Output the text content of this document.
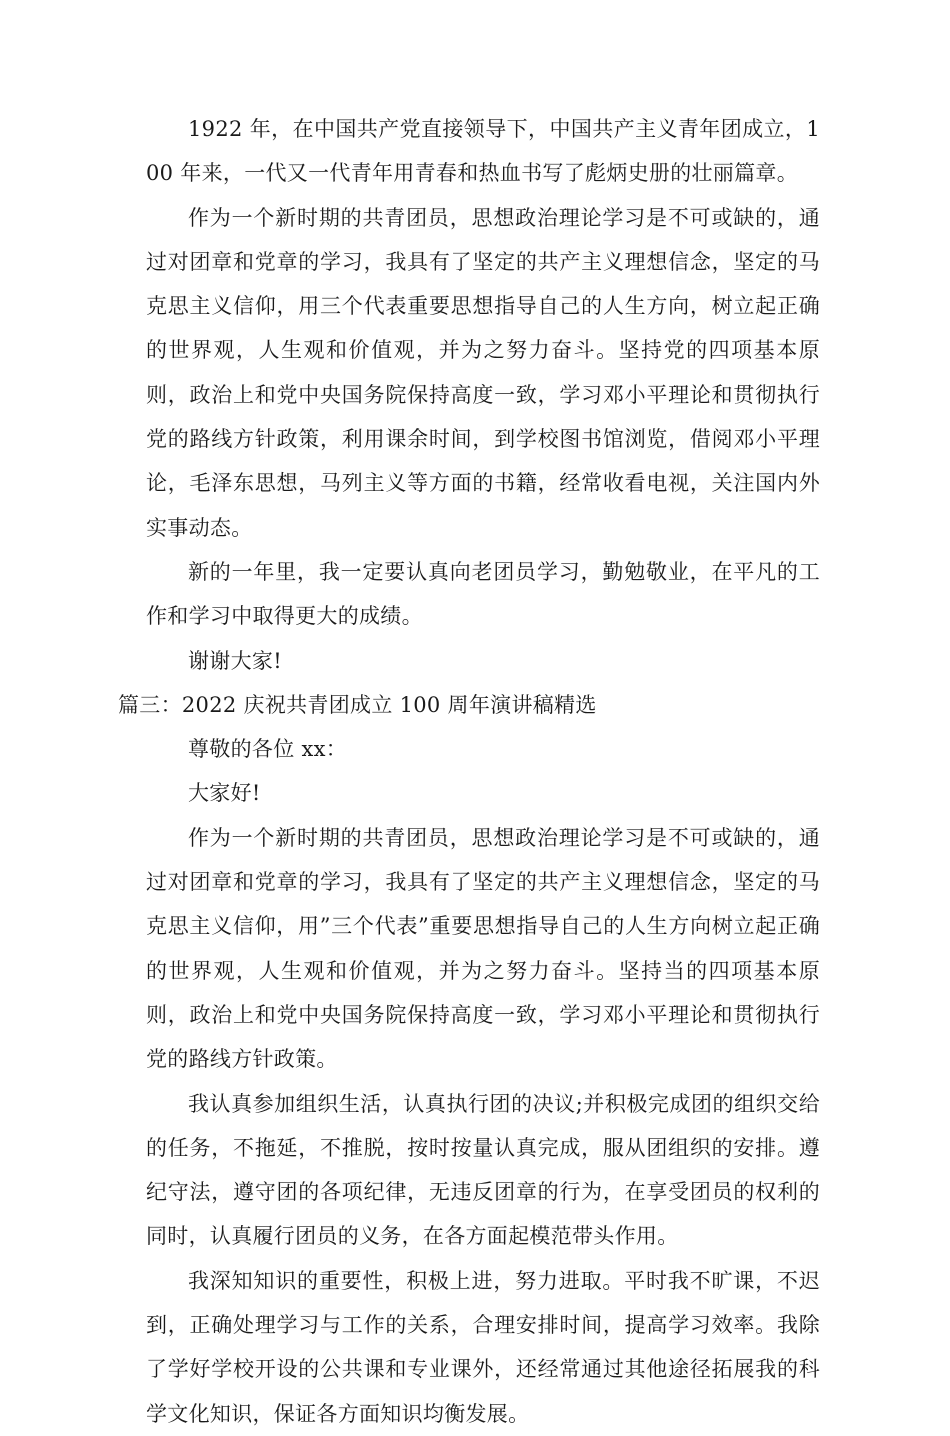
1922 年，在中国共产党直接领导下，中国共产主义青年团成立，100 年来，一代又一代青年用青春和热血书写了彪炳史册的壮丽篇章。

作为一个新时期的共青团员，思想政治理论学习是不可或缺的，通过对团章和党章的学习，我具有了坚定的共产主义理想信念，坚定的马克思主义信仰，用三个代表重要思想指导自己的人生方向，树立起正确的世界观，人生观和价值观，并为之努力奋斗。坚持党的四项基本原则，政治上和党中央国务院保持高度一致，学习邓小平理论和贯彻执行党的路线方针政策，利用课余时间，到学校图书馆浏览，借阅邓小平理论，毛泽东思想，马列主义等方面的书籍，经常收看电视，关注国内外实事动态。

新的一年里，我一定要认真向老团员学习，勤勉敬业，在平凡的工作和学习中取得更大的成绩。

谢谢大家!

篇三：2022 庆祝共青团成立 100 周年演讲稿精选

尊敬的各位 xx：

大家好!

作为一个新时期的共青团员，思想政治理论学习是不可或缺的，通过对团章和党章的学习，我具有了坚定的共产主义理想信念，坚定的马克思主义信仰，用”三个代表”重要思想指导自己的人生方向树立起正确的世界观，人生观和价值观，并为之努力奋斗。坚持当的四项基本原则，政治上和党中央国务院保持高度一致，学习邓小平理论和贯彻执行党的路线方针政策。

我认真参加组织生活，认真执行团的决议;并积极完成团的组织交给的任务，不拖延，不推脱，按时按量认真完成，服从团组织的安排。遵纪守法，遵守团的各项纪律，无违反团章的行为，在享受团员的权利的同时，认真履行团员的义务，在各方面起模范带头作用。

我深知知识的重要性，积极上进，努力进取。平时我不旷课，不迟到，正确处理学习与工作的关系，合理安排时间，提高学习效率。我除了学好学校开设的公共课和专业课外，还经常通过其他途径拓展我的科学文化知识，保证各方面知识均衡发展。
